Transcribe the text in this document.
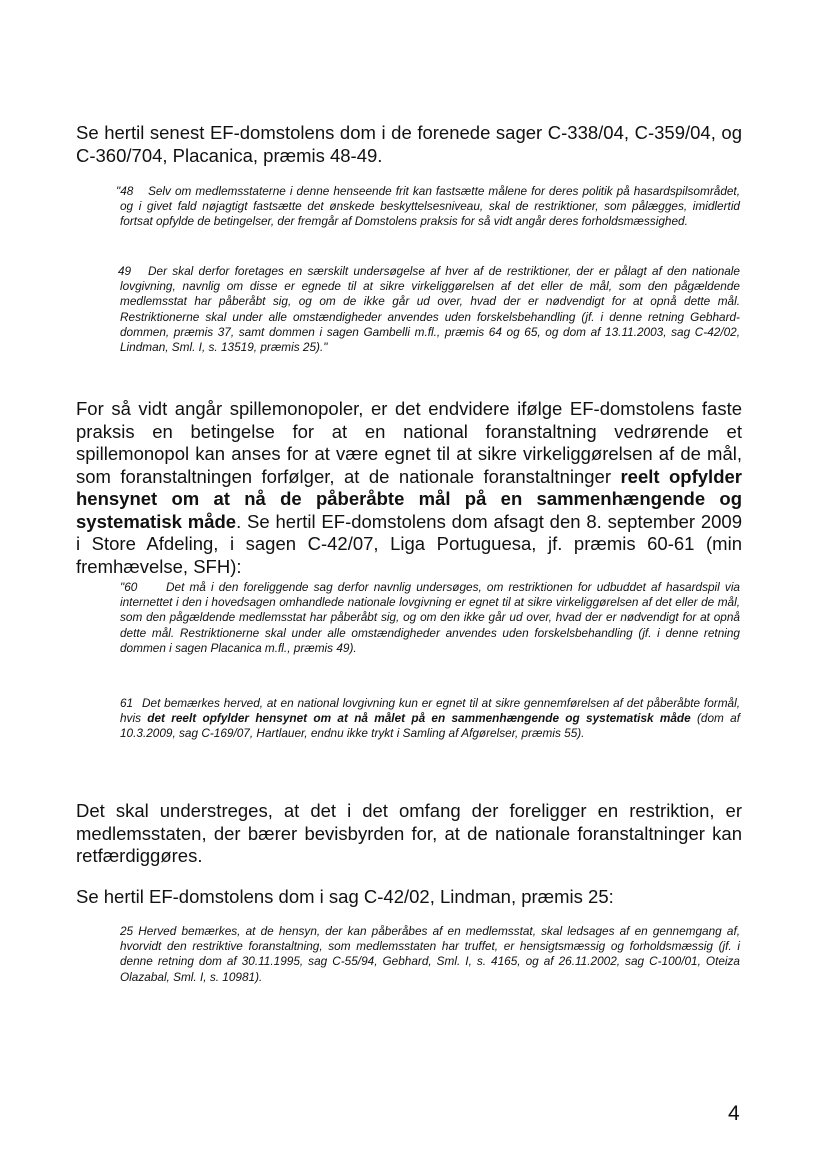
Se hertil senest EF-domstolens dom i de forenede sager C-338/04, C-359/04, og C-360/704, Placanica, præmis 48-49.

"48 Selv om medlemsstaterne i denne henseende frit kan fastsætte målene for deres politik på hasardspilsområdet, og i givet fald nøjagtigt fastsætte det ønskede beskyttelsesniveau, skal de restriktioner, som pålægges, imidlertid fortsat opfylde de betingelser, der fremgår af Domstolens praksis for så vidt angår deres forholdsmæssighed.

49 Der skal derfor foretages en særskilt undersøgelse af hver af de restriktioner, der er pålagt af den nationale lovgivning, navnlig om disse er egnede til at sikre virkeliggørelsen af det eller de mål, som den pågældende medlemsstat har påberåbt sig, og om de ikke går ud over, hvad der er nødvendigt for at opnå dette mål. Restriktionerne skal under alle omstændigheder anvendes uden forskelsbehandling (jf. i denne retning Gebhard-dommen, præmis 37, samt dommen i sagen Gambelli m.fl., præmis 64 og 65, og dom af 13.11.2003, sag C-42/02, Lindman, Sml. I, s. 13519, præmis 25)."

For så vidt angår spillemonopoler, er det endvidere ifølge EF-domstolens faste praksis en betingelse for at en national foranstaltning vedrørende et spillemonopol kan anses for at være egnet til at sikre virkeliggørelsen af de mål, som foranstaltningen forfølger, at de nationale foranstaltninger reelt opfylder hensynet om at nå de påberåbte mål på en sammenhængende og systematisk måde. Se hertil EF-domstolens dom afsagt den 8. september 2009 i Store Afdeling, i sagen C-42/07, Liga Portuguesa, jf. præmis 60-61 (min fremhævelse, SFH):

"60 Det må i den foreliggende sag derfor navnlig undersøges, om restriktionen for udbuddet af hasardspil via internettet i den i hovedsagen omhandlede nationale lovgivning er egnet til at sikre virkeliggørelsen af det eller de mål, som den pågældende medlemsstat har påberåbt sig, og om den ikke går ud over, hvad der er nødvendigt for at opnå dette mål. Restriktionerne skal under alle omstændigheder anvendes uden forskelsbehandling (jf. i denne retning dommen i sagen Placanica m.fl., præmis 49).

61 Det bemærkes herved, at en national lovgivning kun er egnet til at sikre gennemførelsen af det påberåbte formål, hvis det reelt opfylder hensynet om at nå målet på en sammenhængende og systematisk måde (dom af 10.3.2009, sag C-169/07, Hartlauer, endnu ikke trykt i Samling af Afgørelser, præmis 55).

Det skal understreges, at det i det omfang der foreligger en restriktion, er medlemsstaten, der bærer bevisbyrden for, at de nationale foranstaltninger kan retfærdiggøres.

Se hertil EF-domstolens dom i sag C-42/02, Lindman, præmis 25:

25 Herved bemærkes, at de hensyn, der kan påberåbes af en medlemsstat, skal ledsages af en gennemgang af, hvorvidt den restriktive foranstaltning, som medlemsstaten har truffet, er hensigtsmæssig og forholdsmæssig (jf. i denne retning dom af 30.11.1995, sag C-55/94, Gebhard, Sml. I, s. 4165, og af 26.11.2002, sag C-100/01, Oteiza Olazabal, Sml. I, s. 10981).

4
